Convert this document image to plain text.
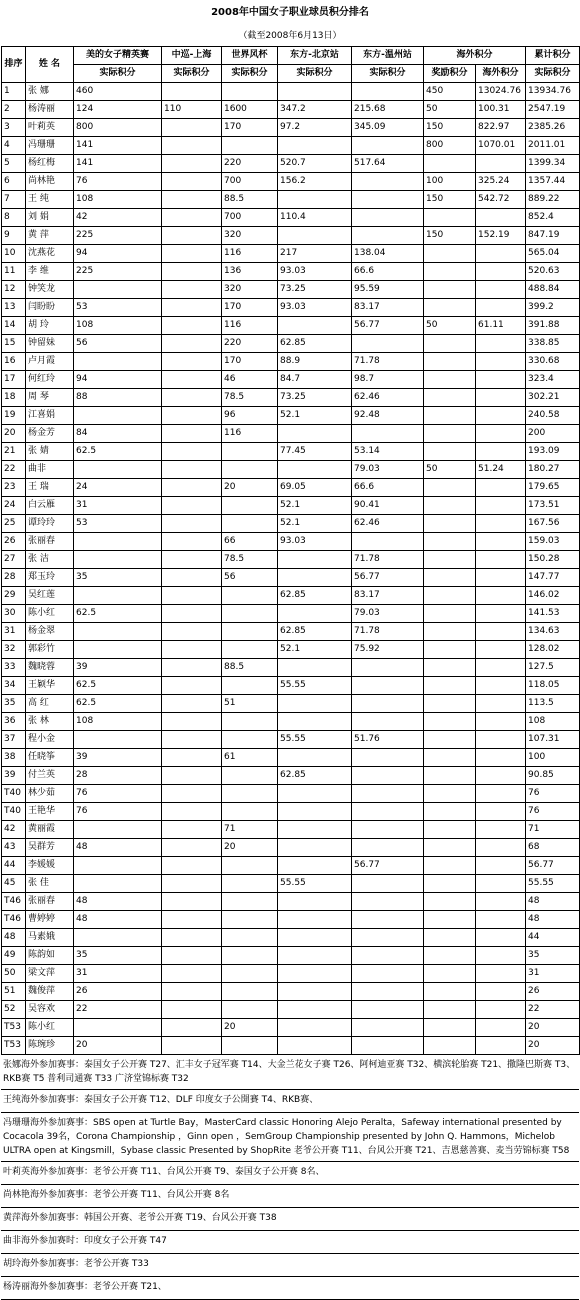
2008年中国女子职业球员积分排名
（截至2008年6月13日）
排序	姓 名	美的女子精英赛	中巡-上海	世界风杯	东方-北京站	东方-温州站	海外积分		累计积分
		实际积分	实际积分	实际积分	实际积分	实际积分	奖励积分	海外积分	实际积分
1	张 娜	460					450	13024.76	13934.76
2	杨涛丽	124	110	1600	347.2	215.68	50	100.31	2547.19
3	叶莉英	800		170	97.2	345.09	150	822.97	2385.26
4	冯珊珊	141					800	1070.01	2011.01
5	杨红梅	141		220	520.7	517.64			1399.34
6	尚林艳	76		700	156.2		100	325.24	1357.44
7	王 纯	108		88.5			150	542.72	889.22
8	刘 娟	42		700	110.4				852.4
9	黄 萍	225		320			150	152.19	847.19
10	沈燕花	94		116	217	138.04			565.04
11	李 维	225		136	93.03	66.6			520.63
12	钟笑龙			320	73.25	95.59			488.84
13	闫盼盼	53		170	93.03	83.17			399.2
14	胡 玲	108		116		56.77	50	61.11	391.88
15	钟留妹	56		220	62.85				338.85
16	卢月霞			170	88.9	71.78			330.68
17	何红玲	94		46	84.7	98.7			323.4
18	周 琴	88		78.5	73.25	62.46			302.21
19	江喜娟			96	52.1	92.48			240.58
20	杨金芳	84		116					200
21	张 婧	62.5			77.45	53.14			193.09
22	曲非					79.03	50	51.24	180.27
23	王 瑞	24		20	69.05	66.6			179.65
24	白云雁	31			52.1	90.41			173.51
25	谭玲玲	53			52.1	62.46			167.56
26	张丽春			66	93.03				159.03
27	张 洁			78.5		71.78			150.28
28	郑玉玲	35		56		56.77			147.77
29	吴红莲				62.85	83.17			146.02
30	陈小红	62.5				79.03			141.53
31	杨金翠				62.85	71.78			134.63
32	郭彩竹				52.1	75.92			128.02
33	魏晓蓉	39		88.5					127.5
34	王颖华	62.5			55.55				118.05
35	高 红	62.5		51					113.5
36	张 林	108							108
37	程小金				55.55	51.76			107.31
38	任晓筝	39		61					100
39	付兰英	28			62.85				90.85
T40	林少茹	76							76
T40	王艳华	76							76
42	黄丽霞			71					71
43	吴群芳	48		20					68
44	李媛媛					56.77			56.77
45	张 佳				55.55				55.55
T46	张丽春	48							48
T46	曹婷婷	48							48
48	马素娥								44
49	陈韵如	35							35
50	梁文萍	31							31
51	魏俊萍	26							26
52	吴容欢	22							22
T53	陈小红			20					20
T53	陈琬珍	20							20
张娜海外参加赛事：泰国女子公开赛 T27、汇丰女子冠军赛 T14、大金兰花女子赛 T26、阿柯迪亚赛 T32、横滨轮胎赛 T21、撒隆巴斯赛 T3、RKB赛 T5 普利司通赛 T33 广济堂锦标赛 T32
王纯海外参加赛事：泰国女子公开赛 T12、DLF 印度女子公開賽 T4、RKB赛、
冯珊珊海外参加赛事：SBS open at Turtle Bay，MasterCard classic Honoring Alejo Peralta，Safeway international presented by Cocacola 39名，Corona Championship ，Ginn open ，SemGroup Championship presented by John Q. Hammons，Michelob ULTRA open at Kingsmill，Sybase classic Presented by ShopRite 老爷公开赛 T11、台风公开赛 T21、吉恩慈善赛、麦当劳锦标赛 T58
叶莉英海外参加赛事：老爷公开赛 T11、台风公开赛 T9、泰国女子公开赛 8名、
尚林艳海外参加赛事：老爷公开赛 T11、台风公开赛 8名
黄萍海外参加赛事：韩国公开赛、老爷公开赛 T19、台风公开赛 T38
曲非海外参加赛时：印度女子公开赛 T47
胡玲海外参加赛事：老爷公开赛 T33
杨涛丽海外参加赛事：老爷公开赛 T21、
